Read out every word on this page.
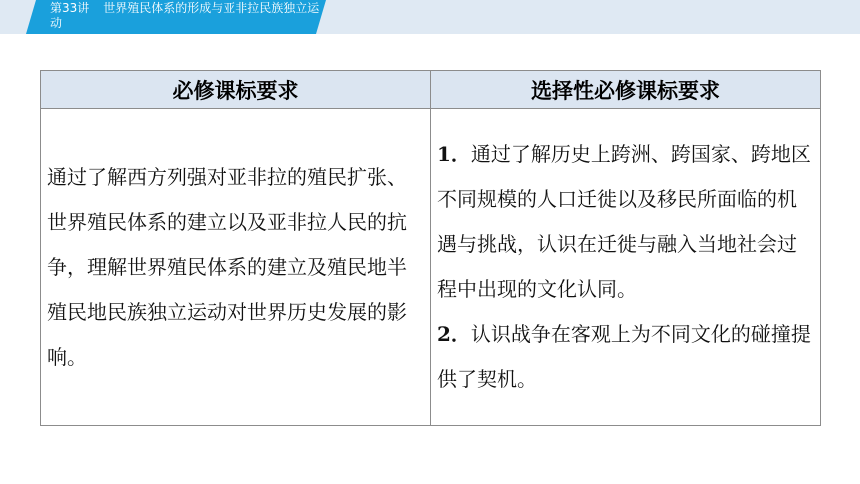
第33讲 世界殖民体系的形成与亚非拉民族独立运动
必修课标要求	选择性必修课标要求
通过了解西方列强对亚非拉的殖民扩张、世界殖民体系的建立以及亚非拉人民的抗争，理解世界殖民体系的建立及殖民地半殖民地民族独立运动对世界历史发展的影响。	1．通过了解历史上跨洲、跨国家、跨地区不同规模的人口迁徙以及移民所面临的机遇与挑战，认识在迁徙与融入当地社会过程中出现的文化认同。
2．认识战争在客观上为不同文化的碰撞提供了契机。
